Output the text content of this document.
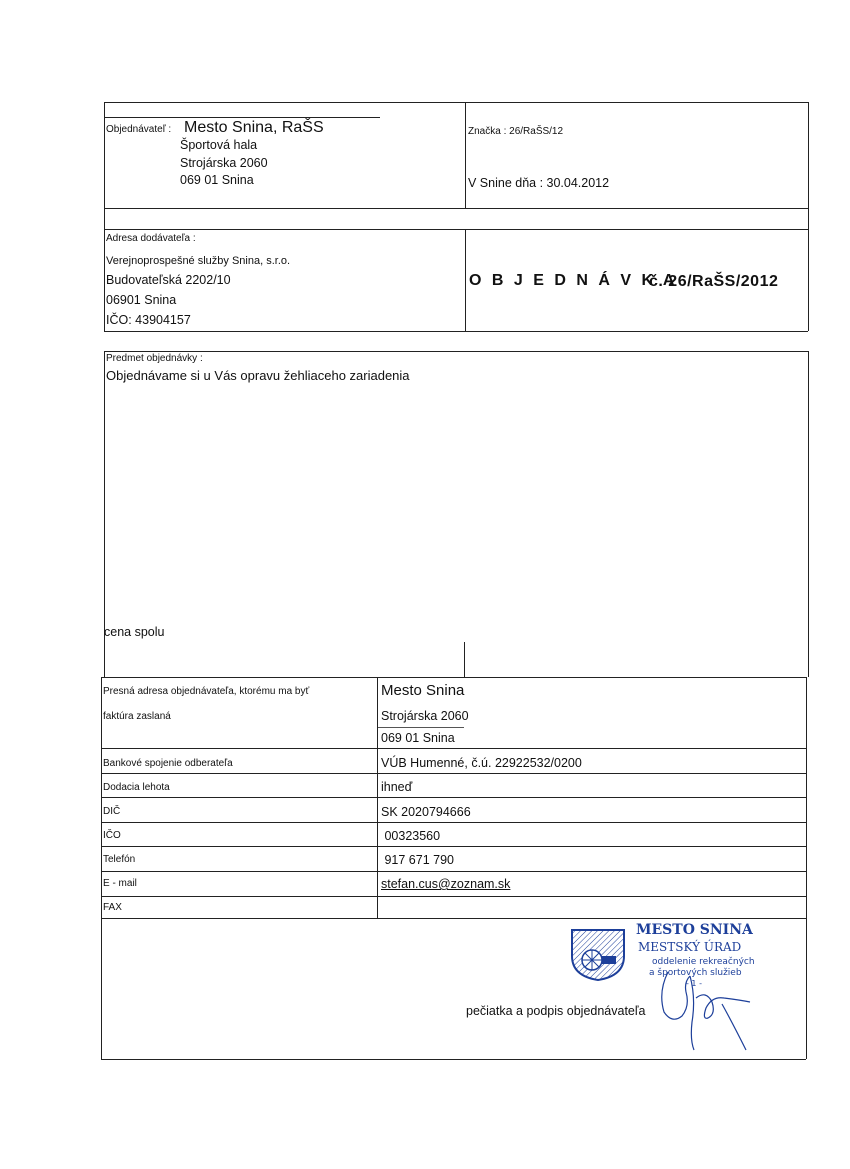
Objednávateľ : Mesto Snina, RaŠS
Športová hala
Strojárska 2060
069 01 Snina
Značka : 26/RaŠS/12
V Snine dňa : 30.04.2012
Adresa dodávateľa :
Verejnoprospešné služby Snina, s.r.o.
Budovateľská 2202/10
06901 Snina
IČO: 43904157
O B J E D N Á V K A
č. 26/RaŠS/2012
Predmet objednávky :
Objednávame si u Vás opravu žehliaceho zariadenia
cena spolu
Presná adresa objednávateľa, ktorému ma byť
faktúra zaslaná
Mesto Snina
Strojárska 2060
069 01 Snina
Bankové spojenie odberateľa	VÚB Humenné, č.ú. 22922532/0200
Dodacia lehota	ihneď
DIČ	SK 2020794666
IČO	00323560
Telefón	917 671 790
E - mail	stefan.cus@zoznam.sk
FAX
MESTO SNINA
MESTSKÝ ÚRAD
oddelenie rekreačných
a športových služieb
- 1 -
pečiatka a podpis objednávateľa
